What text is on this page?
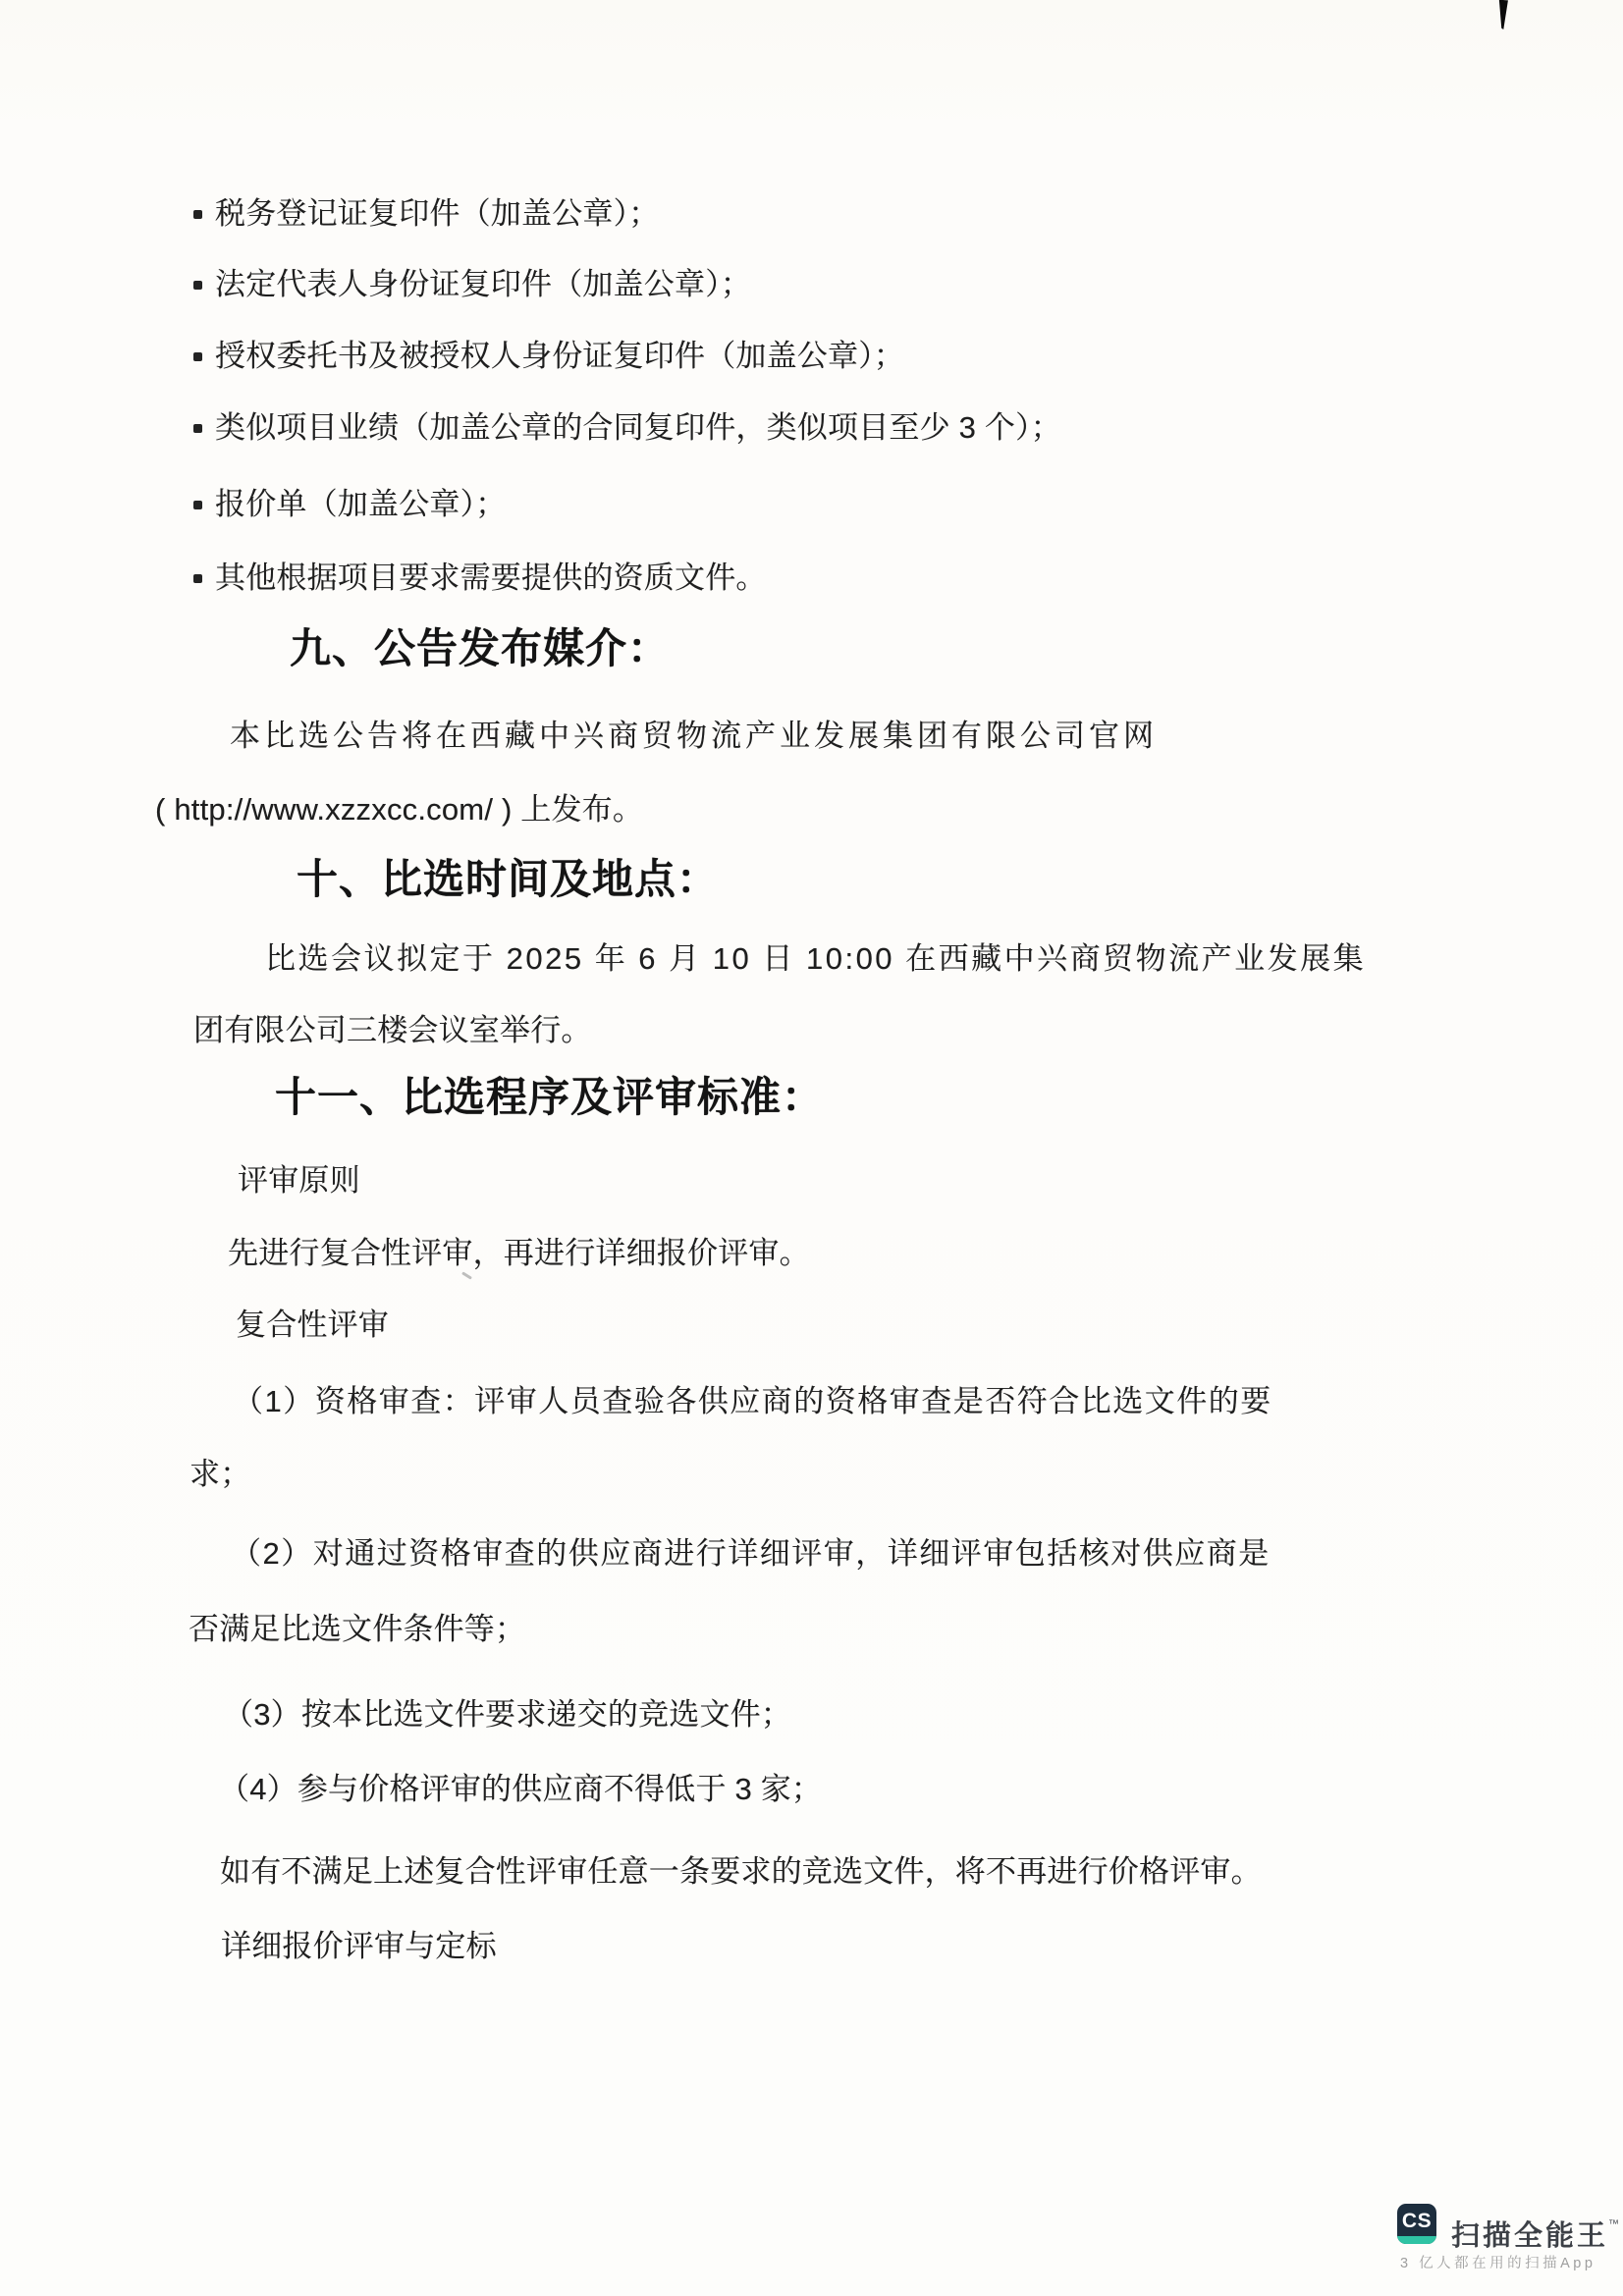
税务登记证复印件（加盖公章）；
法定代表人身份证复印件（加盖公章）；
授权委托书及被授权人身份证复印件（加盖公章）；
类似项目业绩（加盖公章的合同复印件，类似项目至少 3 个）；
报价单（加盖公章）；
其他根据项目要求需要提供的资质文件。
九、公告发布媒介：
本比选公告将在西藏中兴商贸物流产业发展集团有限公司官网
( http://www.xzzxcc.com/ ) 上发布。
十、比选时间及地点：
比选会议拟定于 2025 年 6 月 10 日 10:00 在西藏中兴商贸物流产业发展集
团有限公司三楼会议室举行。
十一、比选程序及评审标准：
评审原则
先进行复合性评审，再进行详细报价评审。
复合性评审
（1）资格审查：评审人员查验各供应商的资格审查是否符合比选文件的要
求；
（2）对通过资格审查的供应商进行详细评审，详细评审包括核对供应商是
否满足比选文件条件等；
（3）按本比选文件要求递交的竞选文件；
（4）参与价格评审的供应商不得低于 3 家；
如有不满足上述复合性评审任意一条要求的竞选文件，将不再进行价格评审。
详细报价评审与定标
CS 扫描全能王™
3 亿人都在用的扫描App
